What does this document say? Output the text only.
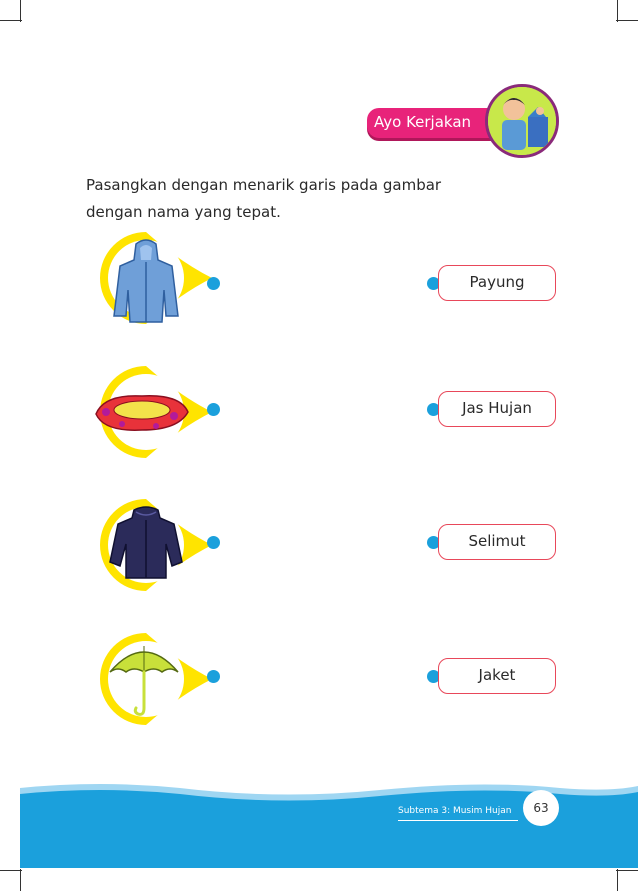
Ayo Kerjakan
Pasangkan dengan menarik garis pada gambar
dengan nama yang tepat.
Payung
Jas Hujan
Selimut
Jaket
Subtema 3: Musim Hujan	63
